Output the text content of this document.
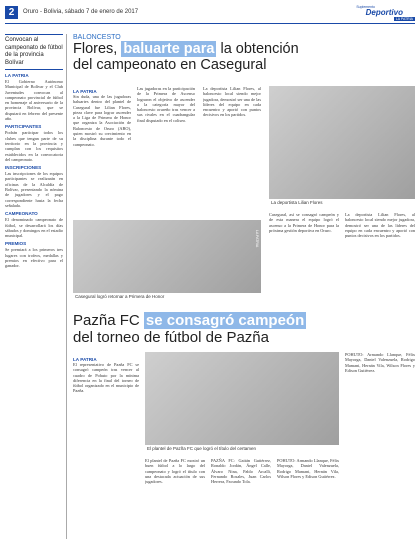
2	Oruro - Bolivia, sábado 7 de enero de 2017
Suplemento
Deportivo
LA PATRIA
Convocan al campeonato de fútbol de la provincia Bolívar
LA PATRIA
El Gobierno Autónomo Municipal de Bolívar y el Club Juventudes convocan al campeonato provincial de fútbol en homenaje al aniversario de la provincia Bolívar, que se disputará en febrero del presente año.
PARTICIPANTES
Podrán participar todos los clubes que tengan parte de su territorio en la provincia y cumplan con los requisitos establecidos en la convocatoria del campeonato.
INSCRIPCIONES
Las inscripciones de los equipos participantes se realizarán en oficinas de la Alcaldía de Bolívar, presentando la nómina de jugadores y el pago correspondiente hasta la fecha señalada.
CAMPEONATO
El denominado campeonato de fútbol, se desarrollará los días sábados y domingos en el estadio municipal.
PREMIOS
Se premiará a los primeros tres lugares con trofeos, medallas y premios en efectivo para el ganador.
BALONCESTO
Flores, baluarte para la obtención
del campeonato en Casegural
LA PATRIA
Sin duda, una de las jugadoras baluartes dentro del plantel de Casegural fue Lilian Flores, pieza clave para lograr ascender a la Liga de Primera de Honor que organiza la Asociación de Baloncesto de Oruro (ABO), quien mostró su crecimiento en la disciplina durante todo el campeonato.
Las jugadoras en la participación de la Primera de Ascenso lograron el objetivo de ascender a la categoría mayor del baloncesto orureño tras vencer a sus rivales en el cuadrangular final disputado en el coliseo.
La deportista Lilian Flores, al baloncesto local siendo mejor jugadora, demostró ser una de las líderes del equipo en cada encuentro y aportó con puntos decisivos en los partidos.
Casegural logró retornar a Primera de Honor
LA PATRIA
La deportista Lilian Flores
Casegural, así se consagró campeón y de esta manera el equipo logró el ascenso a la Primera de Honor para la próxima gestión deportiva en Oruro.
La deportista Lilian Flores, al baloncesto local siendo mejor jugadora, demostró ser una de las líderes del equipo en cada encuentro y aportó con puntos decisivos en los partidos.
Pazña FC se consagró campeón
del torneo de fútbol de Pazña
LA PATRIA
El representativo de Pazña FC se consagró campeón tras vencer al cuadro de Pohuto por la mínima diferencia en la final del torneo de fútbol organizado en el municipio de Pazña.
El plantel de Pazña FC que logró el título del certamen
El plantel de Pazña FC mostró un buen fútbol a lo largo del campeonato y logró el título con una destacada actuación de sus jugadores.
PAZÑA FC: Gaitán Gutiérrez, Ronaldo Jordán, Ángel Calle, Álvaro Nina, Pablo Arcalli, Fernando Rosales, Juan Carlos Herrera, Facundo Tola.
POHUTO: Armando Llanque, Félix Mayorga, Daniel Valenzuela, Rodrigo Mamani, Hernán Vila, Wilson Flores y Edison Gutiérrez.
POHUTO: Armando Llanque, Félix Mayorga, Daniel Valenzuela, Rodrigo Mamani, Hernán Vila, Wilson Flores y Edison Gutiérrez.
